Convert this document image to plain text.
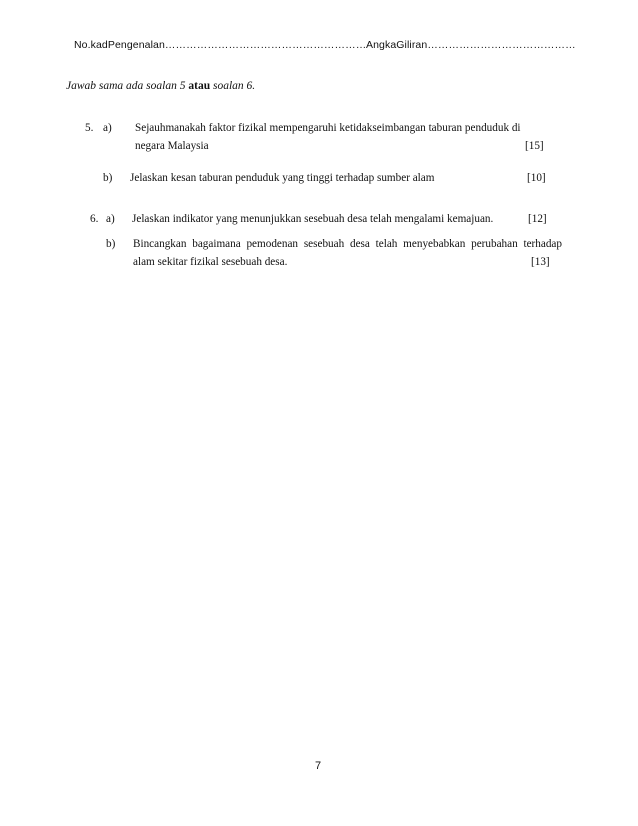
No.kadPengenalan………………………………………………… AngkaGiliran……………………………………
Jawab sama ada soalan 5 atau soalan 6.
5. a) Sejauhmanakah faktor fizikal mempengaruhi ketidakseimbangan taburan penduduk di
negara Malaysia	[15]
b) Jelaskan kesan taburan penduduk yang tinggi terhadap sumber alam	[10]
6. a) Jelaskan indikator yang menunjukkan sesebuah desa telah mengalami kemajuan.	[12]
b) Bincangkan bagaimana pemodenan sesebuah desa telah menyebabkan perubahan terhadap
alam sekitar fizikal sesebuah desa.	[13]
7
